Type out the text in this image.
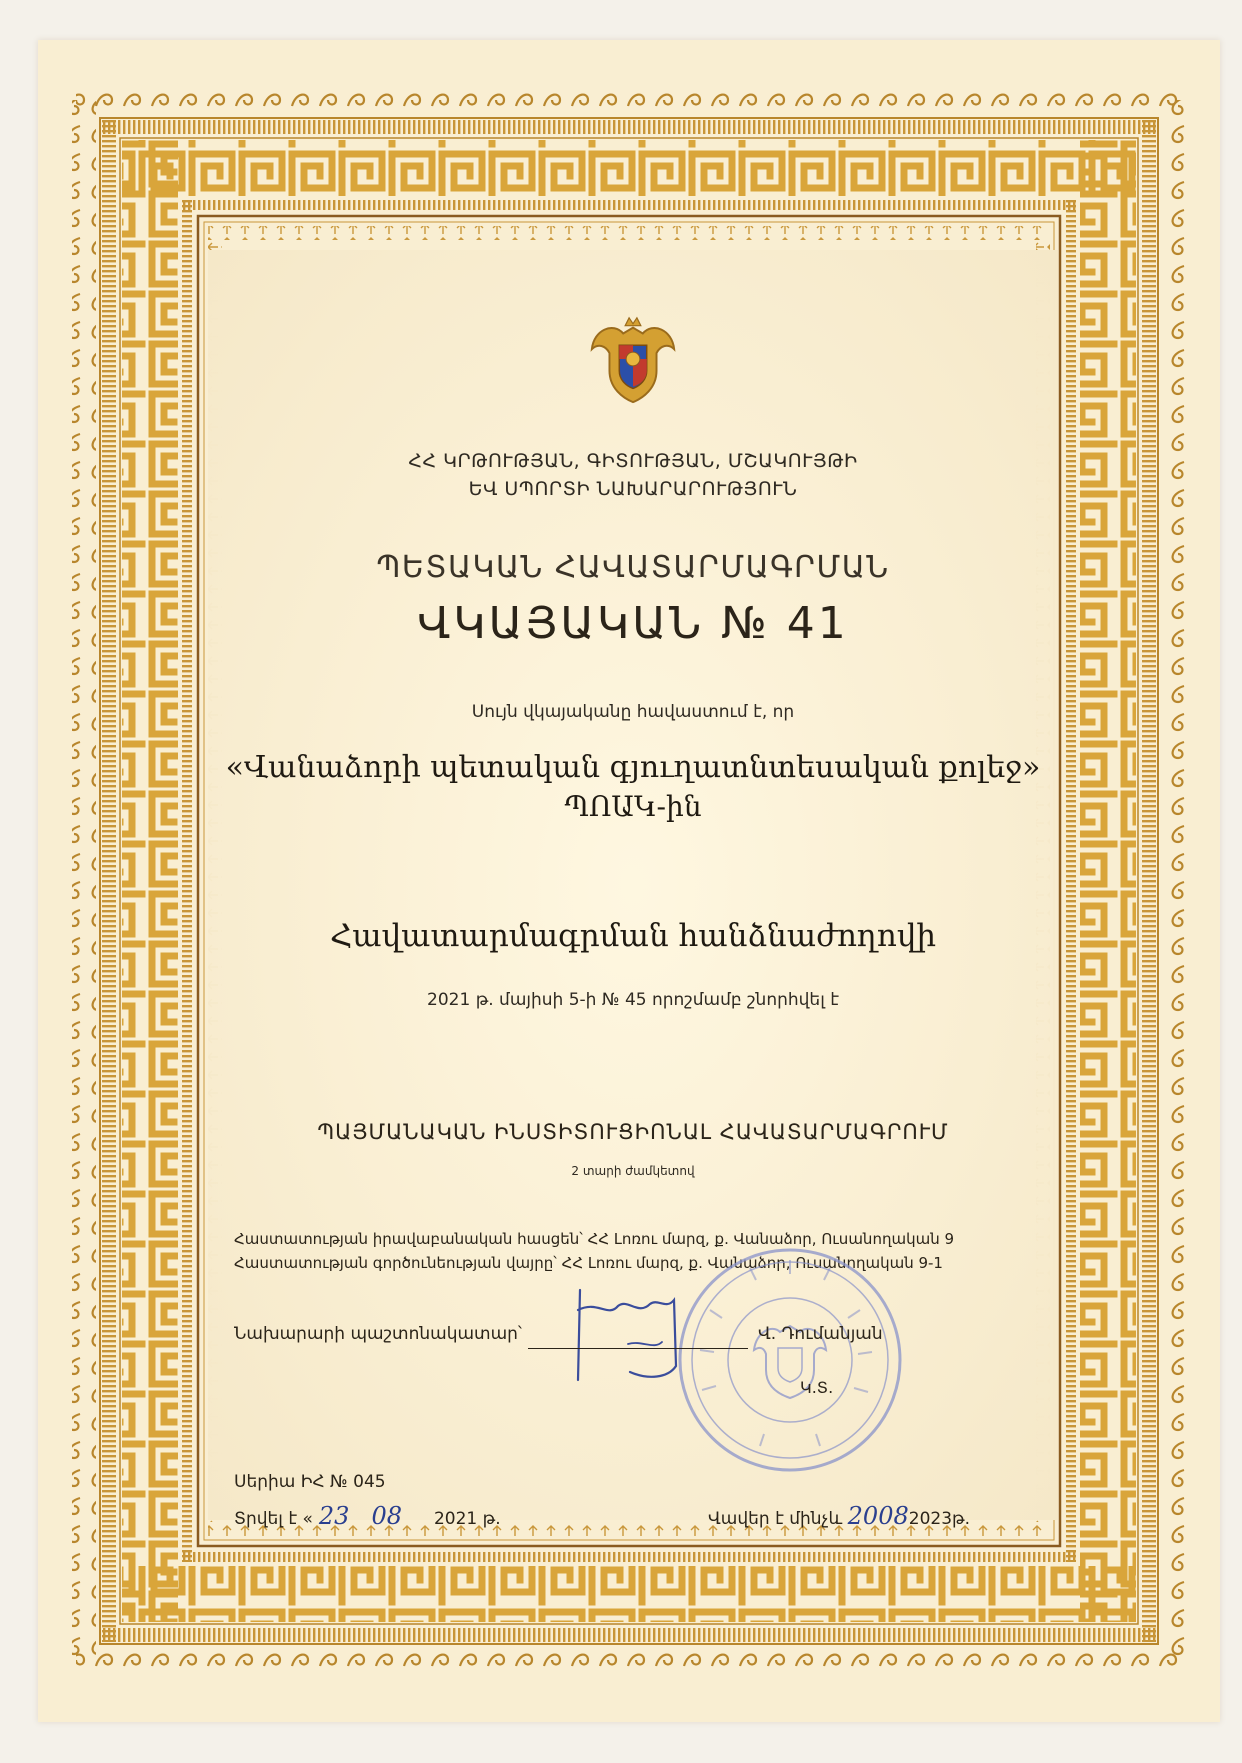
ՀՀ ԿՐԹՈՒԹՅԱՆ, ԳԻՏՈՒԹՅԱՆ, ՄՇԱԿՈՒՅԹԻ
ԵՎ ՍՊՈՐՏԻ ՆԱԽԱՐԱՐՈՒԹՅՈՒՆ
ՊԵՏԱԿԱՆ ՀԱՎԱՏԱՐՄԱԳՐՄԱՆ
ՎԿԱՅԱԿԱՆ № 41
Սույն վկայականը հավաստում է, որ
«Վանաձորի պետական գյուղատնտեսական քոլեջ»
ՊՈԱԿ-ին
Հավատարմագրման հանձնաժողովի
2021 թ. մայիսի 5-ի № 45 որոշմամբ շնորհվել է
ՊԱՅՄԱՆԱԿԱՆ ԻՆՍՏԻՏՈՒՑԻՈՆԱԼ ՀԱՎԱՏԱՐՄԱԳՐՈՒՄ
2 տարի ժամկետով
Հաստատության իրավաբանական հասցեն՝ ՀՀ Լոռու մարզ, ք. Վանաձոր, Ուսանողական 9
Հաստատության գործունեության վայրը՝ ՀՀ Լոռու մարզ, ք. Վանաձոր, Ուսանողական 9-1
Նախարարի պաշտոնակատար՝	Վ. Դումանյան
Կ.Տ.
Սերիա ԻՀ № 045
Տրվել է « 23 08 2021 թ.	Վավեր է մինչև 20082023թ.
